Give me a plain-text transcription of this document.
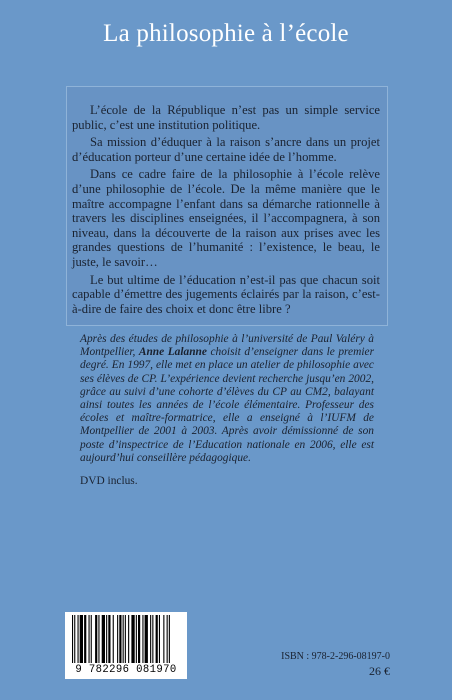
La philosophie à l’école

L’école de la République n’est pas un simple service public, c’est une institution politique.

Sa mission d’éduquer à la raison s’ancre dans un projet d’éducation porteur d’une certaine idée de l’homme.

Dans ce cadre faire de la philosophie à l’école relève d’une philosophie de l’école. De la même manière que le maître accompagne l’enfant dans sa démarche rationnelle à travers les disciplines enseignées, il l’accompagnera, à son niveau, dans la découverte de la raison aux prises avec les grandes questions de l’humanité : l’existence, le beau, le juste, le savoir…

Le but ultime de l’éducation n’est-il pas que chacun soit capable d’émettre des jugements éclairés par la raison, c’est-à-dire de faire des choix et donc être libre ?

Après des études de philosophie à l’université de Paul Valéry à Montpellier, Anne Lalanne choisit d’enseigner dans le premier degré. En 1997, elle met en place un atelier de philosophie avec ses élèves de CP. L’expérience devient recherche jusqu’en 2002, grâce au suivi d’une cohorte d’élèves du CP au CM2, balayant ainsi toutes les années de l’école élémentaire. Professeur des écoles et maître-formatrice, elle a enseigné à l’IUFM de Montpellier de 2001 à 2003. Après avoir démissionné de son poste d’inspectrice de l’Education nationale en 2006, elle est aujourd’hui conseillère pédagogique.

DVD inclus.
9 782296 081970
ISBN : 978-2-296-08197-0
26 €
